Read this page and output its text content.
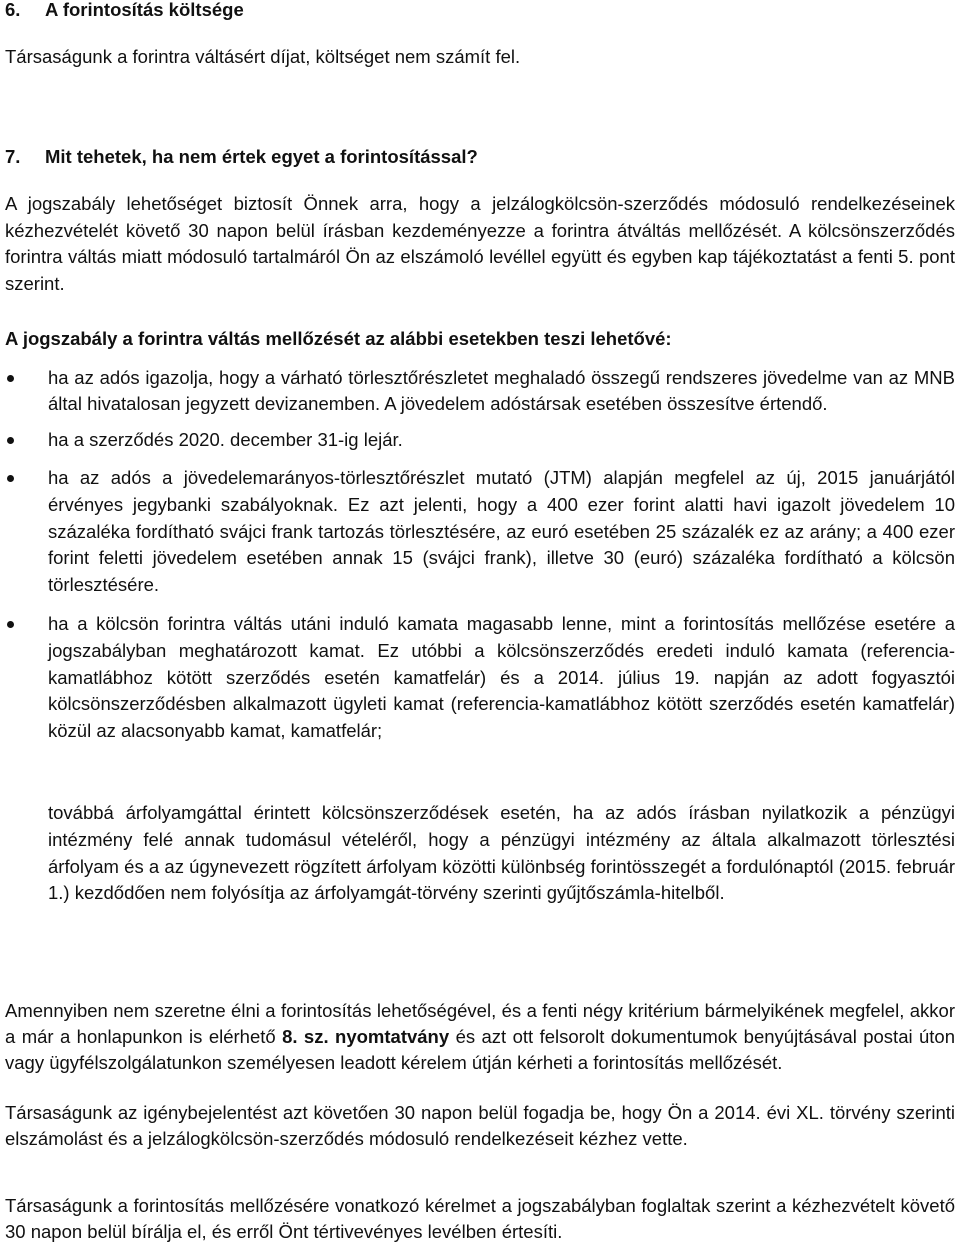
6. A forintosítás költsége

Társaságunk a forintra váltásért díjat, költséget nem számít fel.

7. Mit tehetek, ha nem értek egyet a forintosítással?

A jogszabály lehetőséget biztosít Önnek arra, hogy a jelzálogkölcsön-szerződés módosuló rendelkezéseinek kézhezvételét követő 30 napon belül írásban kezdeményezze a forintra átváltás mellőzését. A kölcsönszerződés forintra váltás miatt módosuló tartalmáról Ön az elszámoló levéllel együtt és egyben kap tájékoztatást a fenti 5. pont szerint.

A jogszabály a forintra váltás mellőzését az alábbi esetekben teszi lehetővé:

ha az adós igazolja, hogy a várható törlesztőrészletet meghaladó összegű rendszeres jövedelme van az MNB által hivatalosan jegyzett devizanemben. A jövedelem adóstársak esetében összesítve értendő.
ha a szerződés 2020. december 31-ig lejár.
ha az adós a jövedelemarányos-törlesztőrészlet mutató (JTM) alapján megfelel az új, 2015 januárjától érvényes jegybanki szabályoknak. Ez azt jelenti, hogy a 400 ezer forint alatti havi igazolt jövedelem 10 százaléka fordítható svájci frank tartozás törlesztésére, az euró esetében 25 százalék ez az arány; a 400 ezer forint feletti jövedelem esetében annak 15 (svájci frank), illetve 30 (euró) százaléka fordítható a kölcsön törlesztésére.
ha a kölcsön forintra váltás utáni induló kamata magasabb lenne, mint a forintosítás mellőzése esetére a jogszabályban meghatározott kamat. Ez utóbbi a kölcsönszerződés eredeti induló kamata (referencia-kamatlábhoz kötött szerződés esetén kamatfelár) és a 2014. július 19. napján az adott fogyasztói kölcsönszerződésben alkalmazott ügyleti kamat (referencia-kamatlábhoz kötött szerződés esetén kamatfelár) közül az alacsonyabb kamat, kamatfelár;

továbbá árfolyamgáttal érintett kölcsönszerződések esetén, ha az adós írásban nyilatkozik a pénzügyi intézmény felé annak tudomásul vételéről, hogy a pénzügyi intézmény az általa alkalmazott törlesztési árfolyam és a az úgynevezett rögzített árfolyam közötti különbség forintösszegét a fordulónaptól (2015. február 1.) kezdődően nem folyósítja az árfolyamgát-törvény szerinti gyűjtőszámla-hitelből.

Amennyiben nem szeretne élni a forintosítás lehetőségével, és a fenti négy kritérium bármelyikének megfelel, akkor a már a honlapunkon is elérhető 8. sz. nyomtatvány és azt ott felsorolt dokumentumok benyújtásával postai úton vagy ügyfélszolgálatunkon személyesen leadott kérelem útján kérheti a forintosítás mellőzését.

Társaságunk az igénybejelentést azt követően 30 napon belül fogadja be, hogy Ön a 2014. évi XL. törvény szerinti elszámolást és a jelzálogkölcsön-szerződés módosuló rendelkezéseit kézhez vette.

Társaságunk a forintosítás mellőzésére vonatkozó kérelmet a jogszabályban foglaltak szerint a kézhezvételt követő 30 napon belül bírálja el, és erről Önt tértivevényes levélben értesíti.
